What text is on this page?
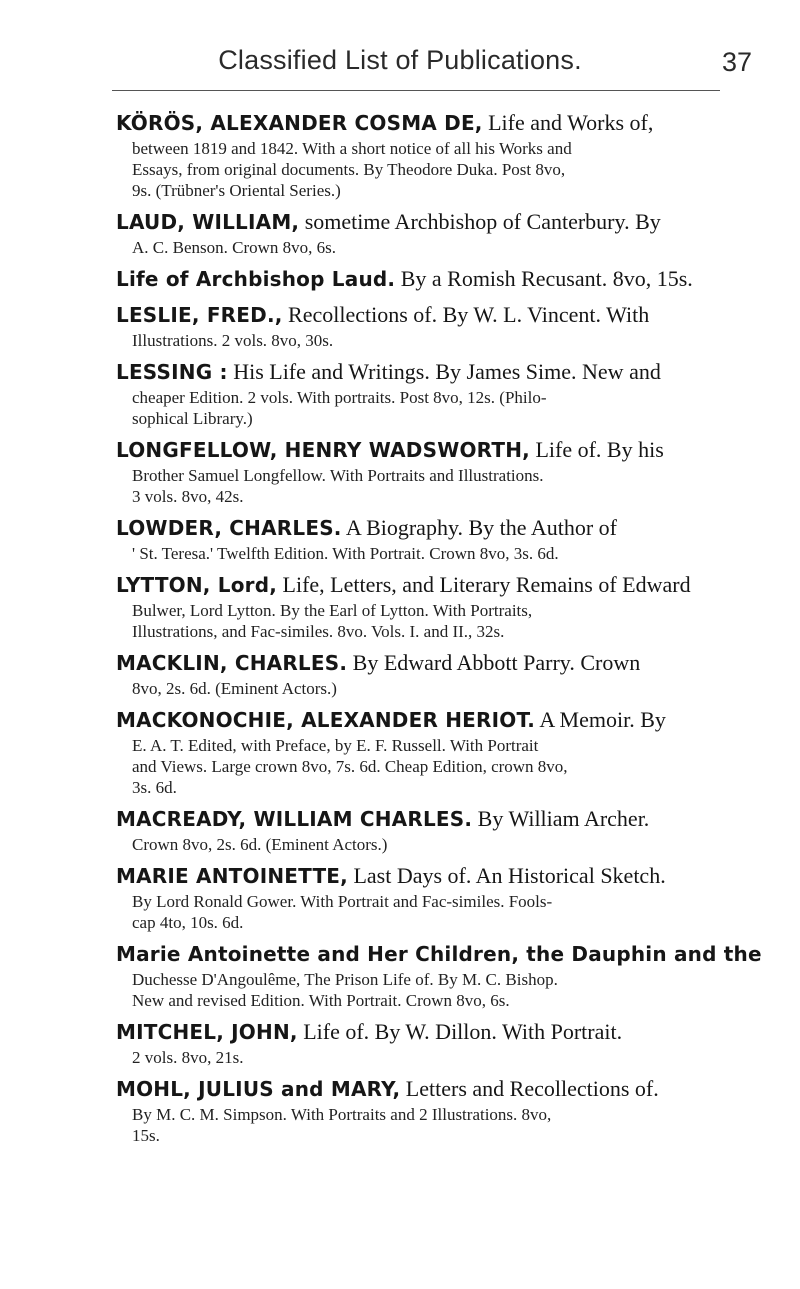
Classified List of Publications.	37
KÖRÖS, ALEXANDER COSMA DE, Life and Works of,
between 1819 and 1842. With a short notice of all his Works and
Essays, from original documents. By Theodore Duka. Post 8vo,
9s. (Trübner's Oriental Series.)
LAUD, WILLIAM, sometime Archbishop of Canterbury. By
A. C. Benson. Crown 8vo, 6s.
Life of Archbishop Laud. By a Romish Recusant. 8vo, 15s.
LESLIE, FRED., Recollections of. By W. L. Vincent. With
Illustrations. 2 vols. 8vo, 30s.
LESSING : His Life and Writings. By James Sime. New and
cheaper Edition. 2 vols. With portraits. Post 8vo, 12s. (Philo-
sophical Library.)
LONGFELLOW, HENRY WADSWORTH, Life of. By his
Brother Samuel Longfellow. With Portraits and Illustrations.
3 vols. 8vo, 42s.
LOWDER, CHARLES. A Biography. By the Author of
' St. Teresa.' Twelfth Edition. With Portrait. Crown 8vo, 3s. 6d.
LYTTON, Lord, Life, Letters, and Literary Remains of Edward
Bulwer, Lord Lytton. By the Earl of Lytton. With Portraits,
Illustrations, and Fac-similes. 8vo. Vols. I. and II., 32s.
MACKLIN, CHARLES. By Edward Abbott Parry. Crown
8vo, 2s. 6d. (Eminent Actors.)
MACKONOCHIE, ALEXANDER HERIOT. A Memoir. By
E. A. T. Edited, with Preface, by E. F. Russell. With Portrait
and Views. Large crown 8vo, 7s. 6d. Cheap Edition, crown 8vo,
3s. 6d.
MACREADY, WILLIAM CHARLES. By William Archer.
Crown 8vo, 2s. 6d. (Eminent Actors.)
MARIE ANTOINETTE, Last Days of. An Historical Sketch.
By Lord Ronald Gower. With Portrait and Fac-similes. Fools-
cap 4to, 10s. 6d.
Marie Antoinette and Her Children, the Dauphin and the
Duchesse D'Angoulême, The Prison Life of. By M. C. Bishop.
New and revised Edition. With Portrait. Crown 8vo, 6s.
MITCHEL, JOHN, Life of. By W. Dillon. With Portrait.
2 vols. 8vo, 21s.
MOHL, JULIUS and MARY, Letters and Recollections of.
By M. C. M. Simpson. With Portraits and 2 Illustrations. 8vo,
15s.
